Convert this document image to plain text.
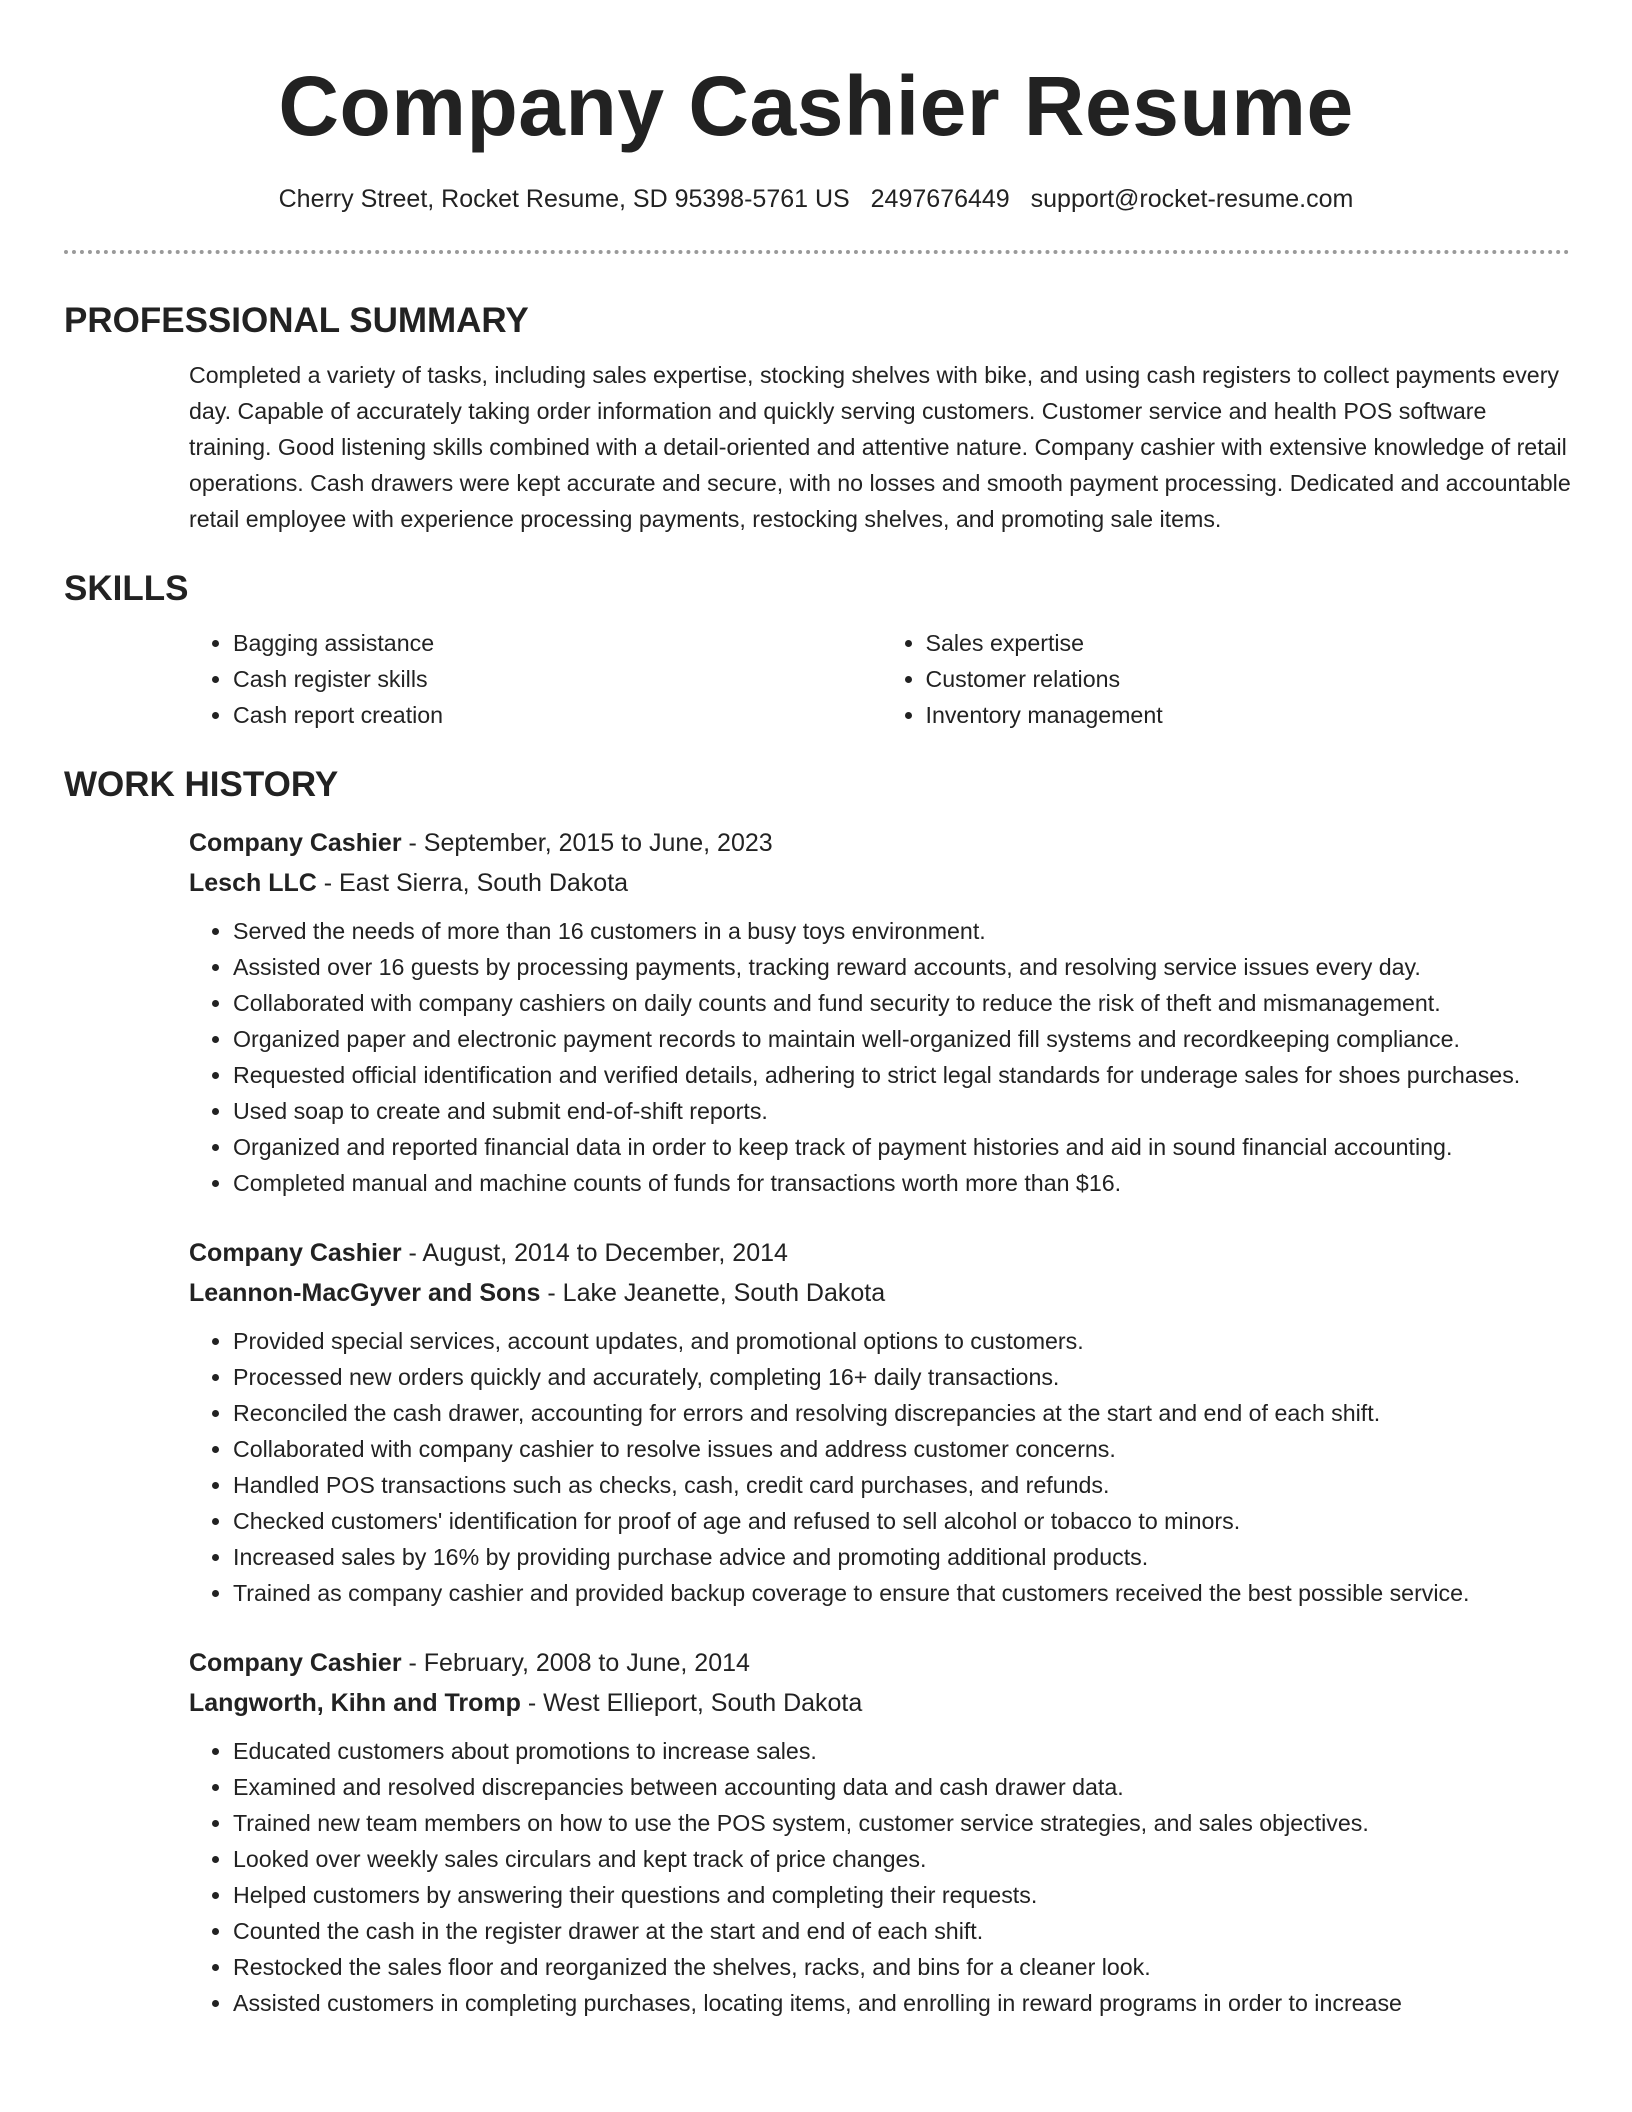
Company Cashier Resume
Cherry Street, Rocket Resume, SD 95398-5761 US 2497676449 support@rocket-resume.com
PROFESSIONAL SUMMARY

Completed a variety of tasks, including sales expertise, stocking shelves with bike, and using cash registers to collect payments every day. Capable of accurately taking order information and quickly serving customers. Customer service and health POS software training. Good listening skills combined with a detail-oriented and attentive nature. Company cashier with extensive knowledge of retail operations. Cash drawers were kept accurate and secure, with no losses and smooth payment processing. Dedicated and accountable retail employee with experience processing payments, restocking shelves, and promoting sale items.

SKILLS
• Bagging assistance
• Cash register skills
• Cash report creation
• Sales expertise
• Customer relations
• Inventory management
WORK HISTORY
Company Cashier - September, 2015 to June, 2023
Lesch LLC - East Sierra, South Dakota
• Served the needs of more than 16 customers in a busy toys environment.
• Assisted over 16 guests by processing payments, tracking reward accounts, and resolving service issues every day.
• Collaborated with company cashiers on daily counts and fund security to reduce the risk of theft and mismanagement.
• Organized paper and electronic payment records to maintain well-organized fill systems and recordkeeping compliance.
• Requested official identification and verified details, adhering to strict legal standards for underage sales for shoes purchases.
• Used soap to create and submit end-of-shift reports.
• Organized and reported financial data in order to keep track of payment histories and aid in sound financial accounting.
• Completed manual and machine counts of funds for transactions worth more than $16.
Company Cashier - August, 2014 to December, 2014
Leannon-MacGyver and Sons - Lake Jeanette, South Dakota
• Provided special services, account updates, and promotional options to customers.
• Processed new orders quickly and accurately, completing 16+ daily transactions.
• Reconciled the cash drawer, accounting for errors and resolving discrepancies at the start and end of each shift.
• Collaborated with company cashier to resolve issues and address customer concerns.
• Handled POS transactions such as checks, cash, credit card purchases, and refunds.
• Checked customers' identification for proof of age and refused to sell alcohol or tobacco to minors.
• Increased sales by 16% by providing purchase advice and promoting additional products.
• Trained as company cashier and provided backup coverage to ensure that customers received the best possible service.
Company Cashier - February, 2008 to June, 2014
Langworth, Kihn and Tromp - West Ellieport, South Dakota
• Educated customers about promotions to increase sales.
• Examined and resolved discrepancies between accounting data and cash drawer data.
• Trained new team members on how to use the POS system, customer service strategies, and sales objectives.
• Looked over weekly sales circulars and kept track of price changes.
• Helped customers by answering their questions and completing their requests.
• Counted the cash in the register drawer at the start and end of each shift.
• Restocked the sales floor and reorganized the shelves, racks, and bins for a cleaner look.
• Assisted customers in completing purchases, locating items, and enrolling in reward programs in order to increase
